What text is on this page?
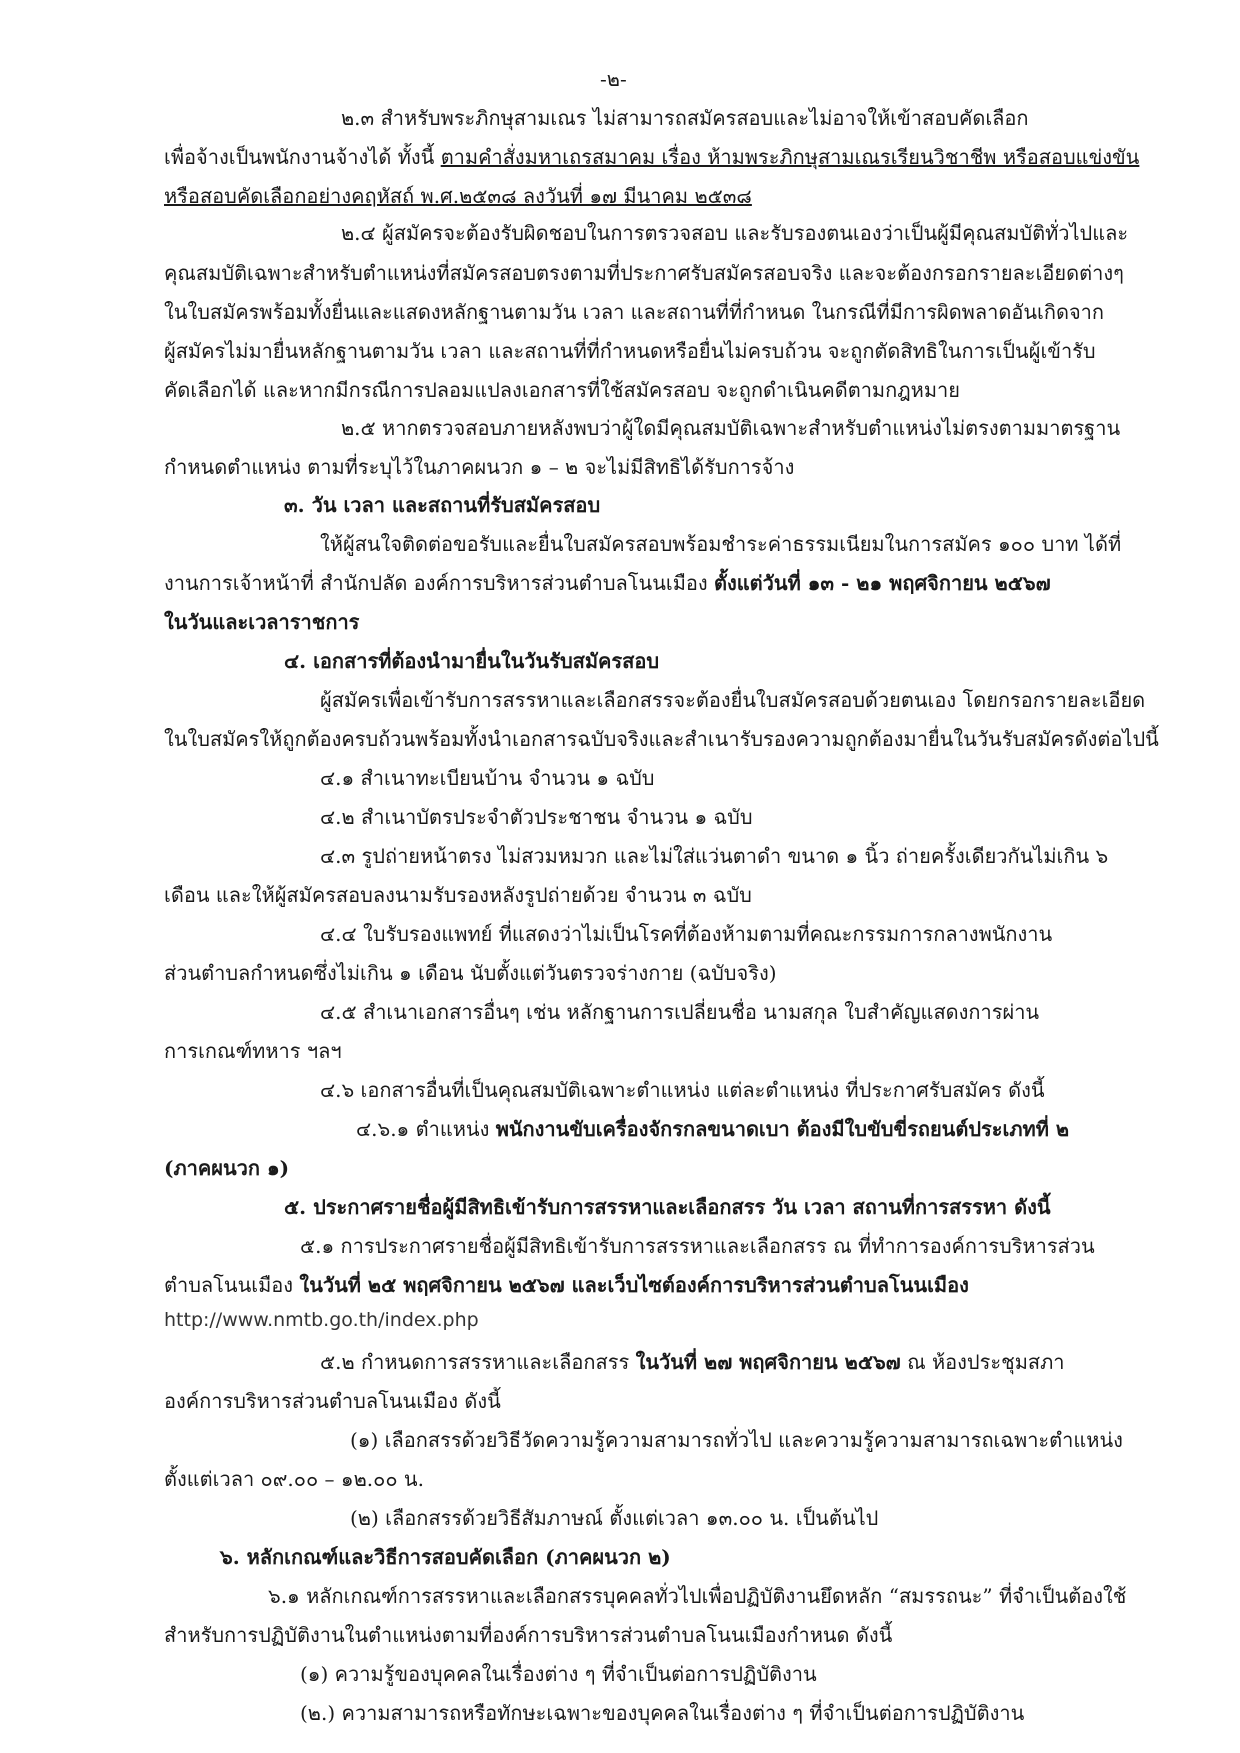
-๒-
๒.๓ สำหรับพระภิกษุสามเณร ไม่สามารถสมัครสอบและไม่อาจให้เข้าสอบคัดเลือก
เพื่อจ้างเป็นพนักงานจ้างได้ ทั้งนี้ ตามคำสั่งมหาเถรสมาคม เรื่อง ห้ามพระภิกษุสามเณรเรียนวิชาชีพ หรือสอบแข่งขัน
หรือสอบคัดเลือกอย่างคฤหัสถ์ พ.ศ.๒๕๓๘ ลงวันที่ ๑๗ มีนาคม ๒๕๓๘
๒.๔ ผู้สมัครจะต้องรับผิดชอบในการตรวจสอบ และรับรองตนเองว่าเป็นผู้มีคุณสมบัติทั่วไปและ
คุณสมบัติเฉพาะสำหรับตำแหน่งที่สมัครสอบตรงตามที่ประกาศรับสมัครสอบจริง และจะต้องกรอกรายละเอียดต่างๆ
ในใบสมัครพร้อมทั้งยื่นและแสดงหลักฐานตามวัน เวลา และสถานที่ที่กำหนด ในกรณีที่มีการผิดพลาดอันเกิดจาก
ผู้สมัครไม่มายื่นหลักฐานตามวัน เวลา และสถานที่ที่กำหนดหรือยื่นไม่ครบถ้วน จะถูกตัดสิทธิในการเป็นผู้เข้ารับ
คัดเลือกได้ และหากมีกรณีการปลอมแปลงเอกสารที่ใช้สมัครสอบ จะถูกดำเนินคดีตามกฎหมาย
๒.๕ หากตรวจสอบภายหลังพบว่าผู้ใดมีคุณสมบัติเฉพาะสำหรับตำแหน่งไม่ตรงตามมาตรฐาน
กำหนดตำแหน่ง ตามที่ระบุไว้ในภาคผนวก ๑ – ๒ จะไม่มีสิทธิได้รับการจ้าง
๓. วัน เวลา และสถานที่รับสมัครสอบ
ให้ผู้สนใจติดต่อขอรับและยื่นใบสมัครสอบพร้อมชำระค่าธรรมเนียมในการสมัคร ๑๐๐ บาท ได้ที่
งานการเจ้าหน้าที่ สำนักปลัด องค์การบริหารส่วนตำบลโนนเมือง ตั้งแต่วันที่ ๑๓ - ๒๑ พฤศจิกายน ๒๕๖๗
ในวันและเวลาราชการ
๔. เอกสารที่ต้องนำมายื่นในวันรับสมัครสอบ
ผู้สมัครเพื่อเข้ารับการสรรหาและเลือกสรรจะต้องยื่นใบสมัครสอบด้วยตนเอง โดยกรอกรายละเอียด
ในใบสมัครให้ถูกต้องครบถ้วนพร้อมทั้งนำเอกสารฉบับจริงและสำเนารับรองความถูกต้องมายื่นในวันรับสมัครดังต่อไปนี้
๔.๑ สำเนาทะเบียนบ้าน จำนวน ๑ ฉบับ
๔.๒ สำเนาบัตรประจำตัวประชาชน จำนวน ๑ ฉบับ
๔.๓ รูปถ่ายหน้าตรง ไม่สวมหมวก และไม่ใส่แว่นตาดำ ขนาด ๑ นิ้ว ถ่ายครั้งเดียวกันไม่เกิน ๖
เดือน และให้ผู้สมัครสอบลงนามรับรองหลังรูปถ่ายด้วย จำนวน ๓ ฉบับ
๔.๔ ใบรับรองแพทย์ ที่แสดงว่าไม่เป็นโรคที่ต้องห้ามตามที่คณะกรรมการกลางพนักงาน
ส่วนตำบลกำหนดซึ่งไม่เกิน ๑ เดือน นับตั้งแต่วันตรวจร่างกาย (ฉบับจริง)
๔.๕ สำเนาเอกสารอื่นๆ เช่น หลักฐานการเปลี่ยนชื่อ นามสกุล ใบสำคัญแสดงการผ่าน
การเกณฑ์ทหาร ฯลฯ
๔.๖ เอกสารอื่นที่เป็นคุณสมบัติเฉพาะตำแหน่ง แต่ละตำแหน่ง ที่ประกาศรับสมัคร ดังนี้
๔.๖.๑ ตำแหน่ง พนักงานขับเครื่องจักรกลขนาดเบา ต้องมีใบขับขี่รถยนต์ประเภทที่ ๒
(ภาคผนวก ๑)
๕. ประกาศรายชื่อผู้มีสิทธิเข้ารับการสรรหาและเลือกสรร วัน เวลา สถานที่การสรรหา ดังนี้
๕.๑ การประกาศรายชื่อผู้มีสิทธิเข้ารับการสรรหาและเลือกสรร ณ ที่ทำการองค์การบริหารส่วน
ตำบลโนนเมือง ในวันที่ ๒๕ พฤศจิกายน ๒๕๖๗ และเว็บไซต์องค์การบริหารส่วนตำบลโนนเมือง
http://www.nmtb.go.th/index.php
๕.๒ กำหนดการสรรหาและเลือกสรร ในวันที่ ๒๗ พฤศจิกายน ๒๕๖๗ ณ ห้องประชุมสภา
องค์การบริหารส่วนตำบลโนนเมือง ดังนี้
(๑) เลือกสรรด้วยวิธีวัดความรู้ความสามารถทั่วไป และความรู้ความสามารถเฉพาะตำแหน่ง
ตั้งแต่เวลา ๐๙.๐๐ – ๑๒.๐๐ น.
(๒) เลือกสรรด้วยวิธีสัมภาษณ์ ตั้งแต่เวลา ๑๓.๐๐ น. เป็นต้นไป
๖. หลักเกณฑ์และวิธีการสอบคัดเลือก (ภาคผนวก ๒)
๖.๑ หลักเกณฑ์การสรรหาและเลือกสรรบุคคลทั่วไปเพื่อปฏิบัติงานยึดหลัก “สมรรถนะ” ที่จำเป็นต้องใช้
สำหรับการปฏิบัติงานในตำแหน่งตามที่องค์การบริหารส่วนตำบลโนนเมืองกำหนด ดังนี้
(๑) ความรู้ของบุคคลในเรื่องต่าง ๆ ที่จำเป็นต่อการปฏิบัติงาน
(๒.) ความสามารถหรือทักษะเฉพาะของบุคคลในเรื่องต่าง ๆ ที่จำเป็นต่อการปฏิบัติงาน
